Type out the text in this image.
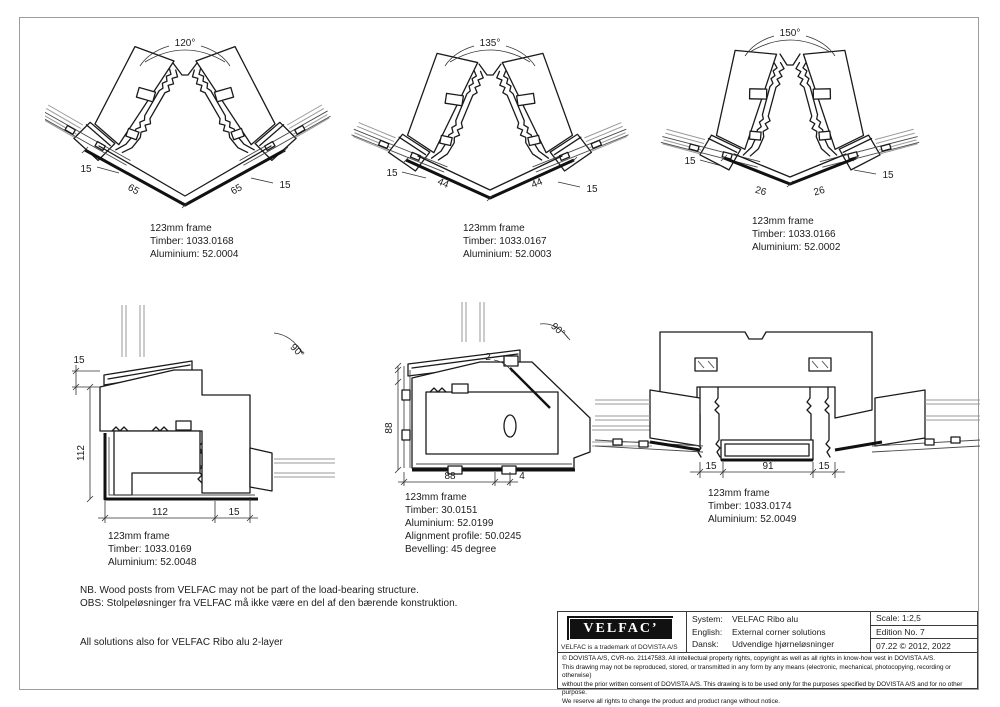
120°
15
15
65	65
135°
15
15
44	44
150°
15
15
26	26
90°
15
112
112	15
2
90°
88
88	4
15	91	15
123mm frame
Timber: 1033.0168
Aluminium: 52.0004
123mm frame
Timber: 1033.0167
Aluminium: 52.0003
123mm frame
Timber: 1033.0166
Aluminium: 52.0002
123mm frame
Timber: 1033.0169
Aluminium: 52.0048
123mm frame
Timber: 30.0151
Aluminium: 52.0199
Alignment profile: 50.0245
Bevelling: 45 degree
123mm frame
Timber: 1033.0174
Aluminium: 52.0049
NB. Wood posts from VELFAC may not be part of the load-bearing structure.
OBS: Stolpeløsninger fra VELFAC må ikke være en del af den bærende konstruktion.
All solutions also for VELFAC Ribo alu 2-layer
VELFAC’
VELFAC is a trademark of DOVISTA A/S
System:	VELFAC Ribo alu
English:	External corner solutions
Dansk:	Udvendige hjørneløsninger
Scale: 1:2,5
Edition No. 7
07.22 © 2012, 2022
© DOVISTA A/S, CVR-no. 21147583. All intellectual property rights, copyright as well as all rights in know-how vest in DOVISTA A/S.
This drawing may not be reproduced, stored, or transmitted in any form by any means (electronic, mechanical, photocopying, recording or otherwise)
without the prior written consent of DOVISTA A/S. This drawing is to be used only for the purposes specified by DOVISTA A/S and for no other purpose.
We reserve all rights to change the product and product range without notice.
